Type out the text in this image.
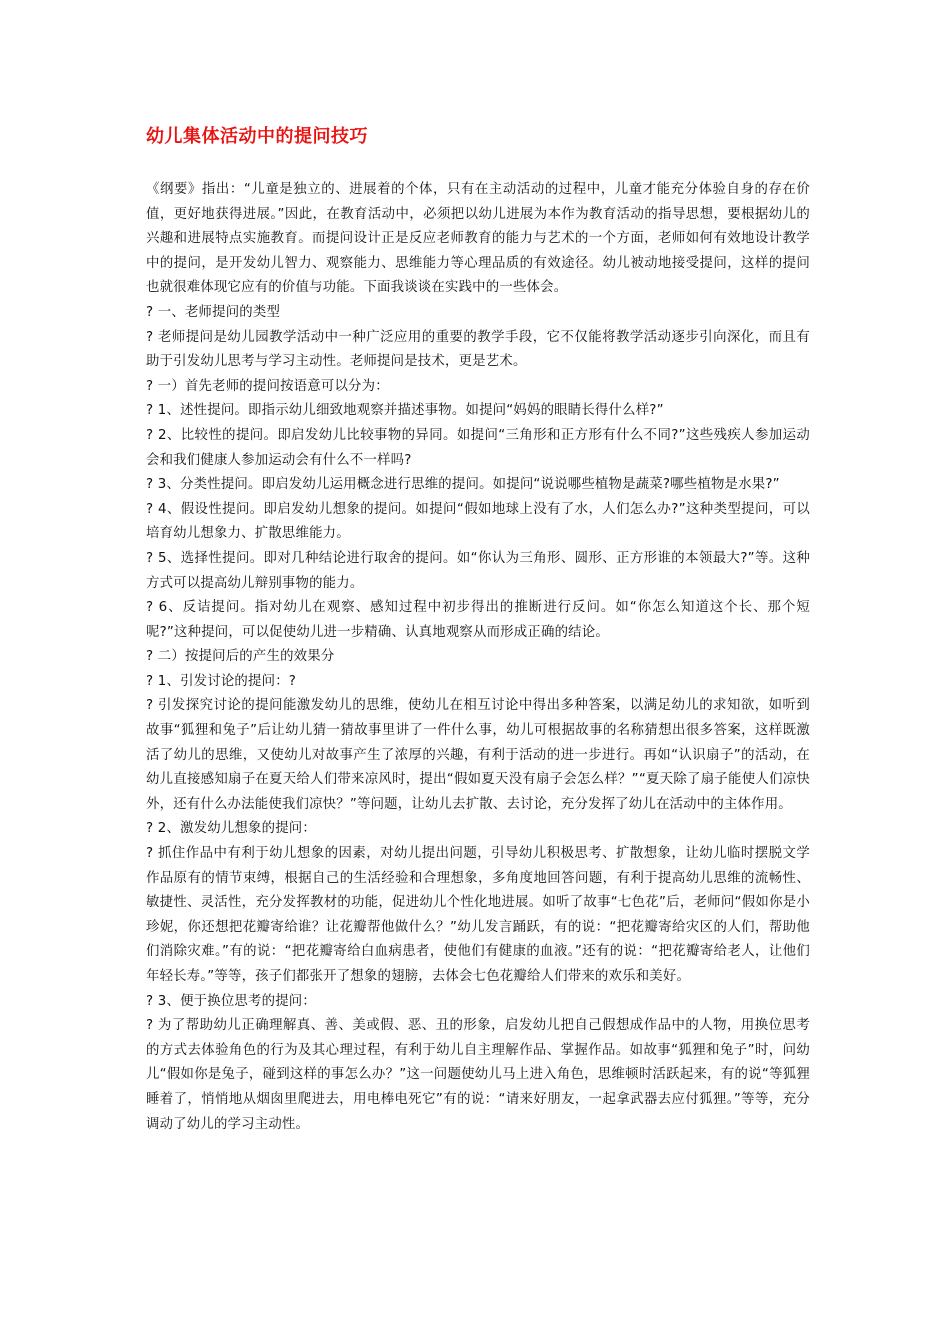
幼儿集体活动中的提问技巧

《纲要》指出：“儿童是独立的、进展着的个体，只有在主动活动的过程中，儿童才能充分体验自身的存在价值，更好地获得进展。”因此，在教育活动中，必须把以幼儿进展为本作为教育活动的指导思想，要根据幼儿的兴趣和进展特点实施教育。而提问设计正是反应老师教育的能力与艺术的一个方面，老师如何有效地设计教学中的提问，是开发幼儿智力、观察能力、思维能力等心理品质的有效途径。幼儿被动地接受提问，这样的提问也就很难体现它应有的价值与功能。下面我谈谈在实践中的一些体会。

? 一、老师提问的类型

? 老师提问是幼儿园教学活动中一种广泛应用的重要的教学手段，它不仅能将教学活动逐步引向深化，而且有助于引发幼儿思考与学习主动性。老师提问是技术，更是艺术。

? 一）首先老师的提问按语意可以分为：

? 1、述性提问。即指示幼儿细致地观察并描述事物。如提问“妈妈的眼睛长得什么样?”

? 2、比较性的提问。即启发幼儿比较事物的异同。如提问“三角形和正方形有什么不同?”这些残疾人参加运动会和我们健康人参加运动会有什么不一样吗?

? 3、分类性提问。即启发幼儿运用概念进行思维的提问。如提问“说说哪些植物是蔬菜?哪些植物是水果?”

? 4、假设性提问。即启发幼儿想象的提问。如提问“假如地球上没有了水，人们怎么办?”这种类型提问，可以培育幼儿想象力、扩散思维能力。

? 5、选择性提问。即对几种结论进行取舍的提问。如“你认为三角形、圆形、正方形谁的本领最大?”等。这种方式可以提高幼儿辩别事物的能力。

? 6、反诘提问。指对幼儿在观察、感知过程中初步得出的推断进行反问。如“你怎么知道这个长、那个短呢?”这种提问，可以促使幼儿进一步精确、认真地观察从而形成正确的结论。

? 二）按提问后的产生的效果分

? 1、引发讨论的提问：?

? 引发探究讨论的提问能激发幼儿的思维，使幼儿在相互讨论中得出多种答案，以满足幼儿的求知欲，如听到故事“狐狸和兔子”后让幼儿猜一猜故事里讲了一件什么事，幼儿可根据故事的名称猜想出很多答案，这样既激活了幼儿的思维，又使幼儿对故事产生了浓厚的兴趣，有利于活动的进一步进行。再如“认识扇子”的活动，在幼儿直接感知扇子在夏天给人们带来凉风时，提出“假如夏天没有扇子会怎么样？”“夏天除了扇子能使人们凉快外，还有什么办法能使我们凉快？”等问题，让幼儿去扩散、去讨论，充分发挥了幼儿在活动中的主体作用。

? 2、激发幼儿想象的提问：

? 抓住作品中有利于幼儿想象的因素，对幼儿提出问题，引导幼儿积极思考、扩散想象，让幼儿临时摆脱文学作品原有的情节束缚，根据自己的生活经验和合理想象，多角度地回答问题，有利于提高幼儿思维的流畅性、敏捷性、灵活性，充分发挥教材的功能，促进幼儿个性化地进展。如听了故事“七色花”后，老师问“假如你是小珍妮，你还想把花瓣寄给谁？让花瓣帮他做什么？”幼儿发言踊跃，有的说：“把花瓣寄给灾区的人们，帮助他们消除灾难。”有的说：“把花瓣寄给白血病患者，使他们有健康的血液。”还有的说：“把花瓣寄给老人，让他们年轻长寿。”等等，孩子们都张开了想象的翅膀，去体会七色花瓣给人们带来的欢乐和美好。

? 3、便于换位思考的提问：

? 为了帮助幼儿正确理解真、善、美或假、恶、丑的形象，启发幼儿把自己假想成作品中的人物，用换位思考的方式去体验角色的行为及其心理过程，有利于幼儿自主理解作品、掌握作品。如故事“狐狸和兔子”时，问幼儿“假如你是兔子，碰到这样的事怎么办？”这一问题使幼儿马上进入角色，思维顿时活跃起来，有的说“等狐狸睡着了，悄悄地从烟囱里爬进去，用电棒电死它”有的说：“请来好朋友，一起拿武器去应付狐狸。”等等，充分调动了幼儿的学习主动性。
